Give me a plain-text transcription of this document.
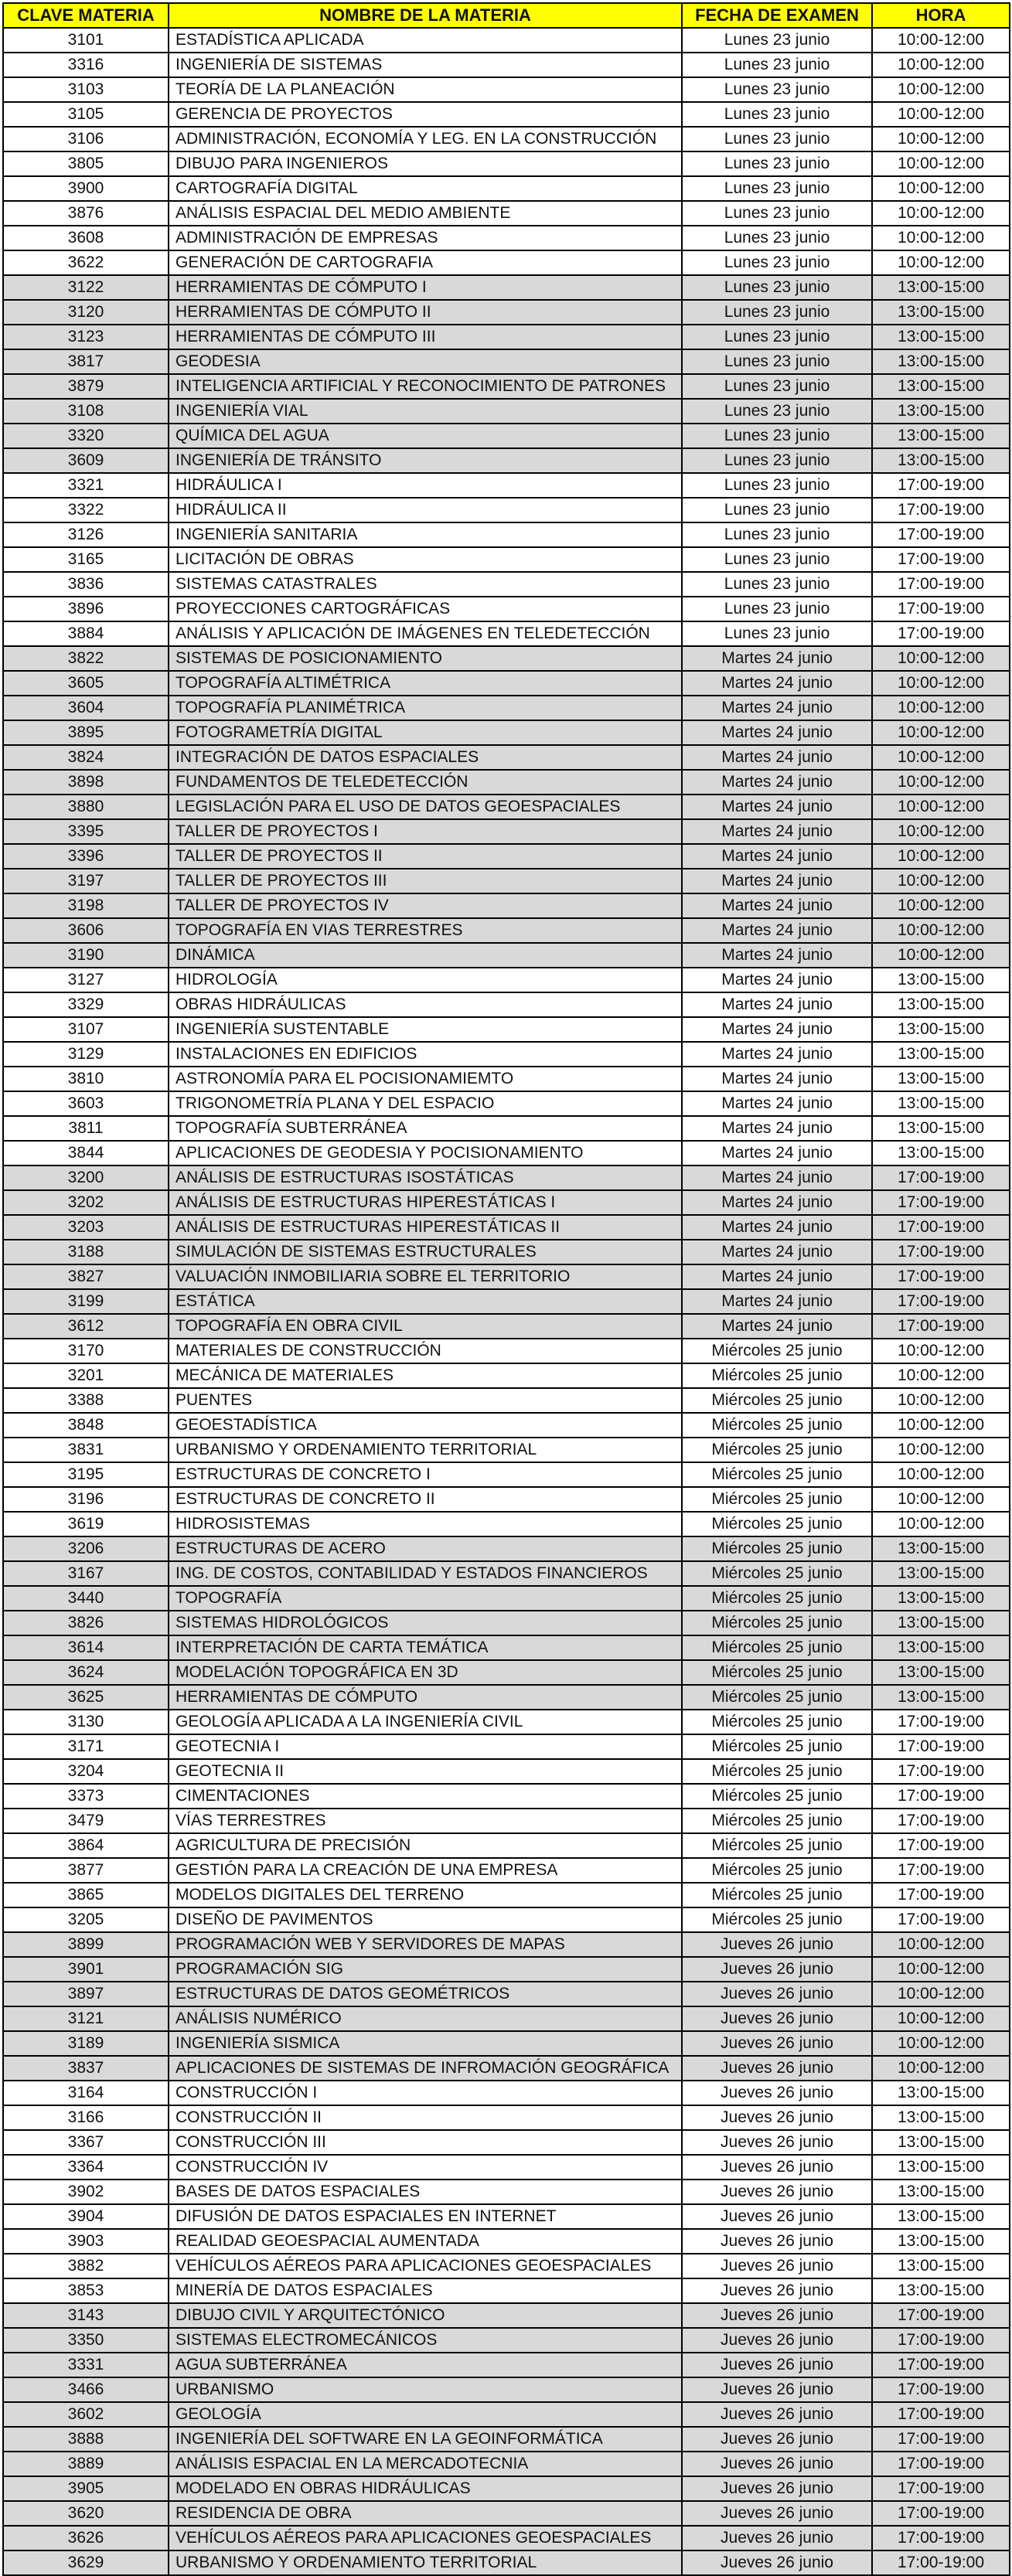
CLAVE MATERIA	NOMBRE DE LA MATERIA	FECHA DE EXAMEN	HORA
3101	ESTADÍSTICA APLICADA	Lunes 23 junio	10:00-12:00
3316	INGENIERÍA DE SISTEMAS	Lunes 23 junio	10:00-12:00
3103	TEORÍA DE LA PLANEACIÓN	Lunes 23 junio	10:00-12:00
3105	GERENCIA DE PROYECTOS	Lunes 23 junio	10:00-12:00
3106	ADMINISTRACIÓN, ECONOMÍA Y LEG. EN LA CONSTRUCCIÓN	Lunes 23 junio	10:00-12:00
3805	DIBUJO PARA INGENIEROS	Lunes 23 junio	10:00-12:00
3900	CARTOGRAFÍA DIGITAL	Lunes 23 junio	10:00-12:00
3876	ANÁLISIS ESPACIAL DEL MEDIO AMBIENTE	Lunes 23 junio	10:00-12:00
3608	ADMINISTRACIÓN DE EMPRESAS	Lunes 23 junio	10:00-12:00
3622	GENERACIÓN DE CARTOGRAFIA	Lunes 23 junio	10:00-12:00
3122	HERRAMIENTAS DE CÓMPUTO I	Lunes 23 junio	13:00-15:00
3120	HERRAMIENTAS DE CÓMPUTO II	Lunes 23 junio	13:00-15:00
3123	HERRAMIENTAS DE CÓMPUTO III	Lunes 23 junio	13:00-15:00
3817	GEODESIA	Lunes 23 junio	13:00-15:00
3879	INTELIGENCIA ARTIFICIAL Y RECONOCIMIENTO DE PATRONES	Lunes 23 junio	13:00-15:00
3108	INGENIERÍA VIAL	Lunes 23 junio	13:00-15:00
3320	QUÍMICA DEL AGUA	Lunes 23 junio	13:00-15:00
3609	INGENIERÍA DE TRÁNSITO	Lunes 23 junio	13:00-15:00
3321	HIDRÁULICA I	Lunes 23 junio	17:00-19:00
3322	HIDRÁULICA II	Lunes 23 junio	17:00-19:00
3126	INGENIERÍA SANITARIA	Lunes 23 junio	17:00-19:00
3165	LICITACIÓN DE OBRAS	Lunes 23 junio	17:00-19:00
3836	SISTEMAS CATASTRALES	Lunes 23 junio	17:00-19:00
3896	PROYECCIONES CARTOGRÁFICAS	Lunes 23 junio	17:00-19:00
3884	ANÁLISIS Y APLICACIÓN DE IMÁGENES EN TELEDETECCIÓN	Lunes 23 junio	17:00-19:00
3822	SISTEMAS DE POSICIONAMIENTO	Martes 24 junio	10:00-12:00
3605	TOPOGRAFÍA ALTIMÉTRICA	Martes 24 junio	10:00-12:00
3604	TOPOGRAFÍA PLANIMÉTRICA	Martes 24 junio	10:00-12:00
3895	FOTOGRAMETRÍA DIGITAL	Martes 24 junio	10:00-12:00
3824	INTEGRACIÓN DE DATOS ESPACIALES	Martes 24 junio	10:00-12:00
3898	FUNDAMENTOS DE TELEDETECCIÓN	Martes 24 junio	10:00-12:00
3880	LEGISLACIÓN PARA EL USO DE DATOS GEOESPACIALES	Martes 24 junio	10:00-12:00
3395	TALLER DE PROYECTOS I	Martes 24 junio	10:00-12:00
3396	TALLER DE PROYECTOS II	Martes 24 junio	10:00-12:00
3197	TALLER DE PROYECTOS III	Martes 24 junio	10:00-12:00
3198	TALLER DE PROYECTOS IV	Martes 24 junio	10:00-12:00
3606	TOPOGRAFÍA EN VIAS TERRESTRES	Martes 24 junio	10:00-12:00
3190	DINÁMICA	Martes 24 junio	10:00-12:00
3127	HIDROLOGÍA	Martes 24 junio	13:00-15:00
3329	OBRAS HIDRÁULICAS	Martes 24 junio	13:00-15:00
3107	INGENIERÍA SUSTENTABLE	Martes 24 junio	13:00-15:00
3129	INSTALACIONES EN EDIFICIOS	Martes 24 junio	13:00-15:00
3810	ASTRONOMÍA PARA EL POCISIONAMIEMTO	Martes 24 junio	13:00-15:00
3603	TRIGONOMETRÍA PLANA Y DEL ESPACIO	Martes 24 junio	13:00-15:00
3811	TOPOGRAFÍA SUBTERRÁNEA	Martes 24 junio	13:00-15:00
3844	APLICACIONES DE GEODESIA Y POCISIONAMIENTO	Martes 24 junio	13:00-15:00
3200	ANÁLISIS DE ESTRUCTURAS ISOSTÁTICAS	Martes 24 junio	17:00-19:00
3202	ANÁLISIS DE ESTRUCTURAS HIPERESTÁTICAS I	Martes 24 junio	17:00-19:00
3203	ANÁLISIS DE ESTRUCTURAS HIPERESTÁTICAS II	Martes 24 junio	17:00-19:00
3188	SIMULACIÓN DE SISTEMAS ESTRUCTURALES	Martes 24 junio	17:00-19:00
3827	VALUACIÓN INMOBILIARIA SOBRE EL TERRITORIO	Martes 24 junio	17:00-19:00
3199	ESTÁTICA	Martes 24 junio	17:00-19:00
3612	TOPOGRAFÍA EN OBRA CIVIL	Martes 24 junio	17:00-19:00
3170	MATERIALES DE CONSTRUCCIÓN	Miércoles 25 junio	10:00-12:00
3201	MECÁNICA DE MATERIALES	Miércoles 25 junio	10:00-12:00
3388	PUENTES	Miércoles 25 junio	10:00-12:00
3848	GEOESTADÍSTICA	Miércoles 25 junio	10:00-12:00
3831	URBANISMO Y ORDENAMIENTO TERRITORIAL	Miércoles 25 junio	10:00-12:00
3195	ESTRUCTURAS DE CONCRETO I	Miércoles 25 junio	10:00-12:00
3196	ESTRUCTURAS DE CONCRETO II	Miércoles 25 junio	10:00-12:00
3619	HIDROSISTEMAS	Miércoles 25 junio	10:00-12:00
3206	ESTRUCTURAS DE ACERO	Miércoles 25 junio	13:00-15:00
3167	ING. DE COSTOS, CONTABILIDAD Y ESTADOS FINANCIEROS	Miércoles 25 junio	13:00-15:00
3440	TOPOGRAFÍA	Miércoles 25 junio	13:00-15:00
3826	SISTEMAS HIDROLÓGICOS	Miércoles 25 junio	13:00-15:00
3614	INTERPRETACIÓN DE CARTA TEMÁTICA	Miércoles 25 junio	13:00-15:00
3624	MODELACIÓN TOPOGRÁFICA EN 3D	Miércoles 25 junio	13:00-15:00
3625	HERRAMIENTAS DE CÓMPUTO	Miércoles 25 junio	13:00-15:00
3130	GEOLOGÍA APLICADA A LA INGENIERÍA CIVIL	Miércoles 25 junio	17:00-19:00
3171	GEOTECNIA I	Miércoles 25 junio	17:00-19:00
3204	GEOTECNIA II	Miércoles 25 junio	17:00-19:00
3373	CIMENTACIONES	Miércoles 25 junio	17:00-19:00
3479	VÍAS TERRESTRES	Miércoles 25 junio	17:00-19:00
3864	AGRICULTURA DE PRECISIÓN	Miércoles 25 junio	17:00-19:00
3877	GESTIÓN PARA LA CREACIÓN DE UNA EMPRESA	Miércoles 25 junio	17:00-19:00
3865	MODELOS DIGITALES DEL TERRENO	Miércoles 25 junio	17:00-19:00
3205	DISEÑO DE PAVIMENTOS	Miércoles 25 junio	17:00-19:00
3899	PROGRAMACIÓN WEB Y SERVIDORES DE MAPAS	Jueves 26 junio	10:00-12:00
3901	PROGRAMACIÓN SIG	Jueves 26 junio	10:00-12:00
3897	ESTRUCTURAS DE DATOS GEOMÉTRICOS	Jueves 26 junio	10:00-12:00
3121	ANÁLISIS NUMÉRICO	Jueves 26 junio	10:00-12:00
3189	INGENIERÍA SISMICA	Jueves 26 junio	10:00-12:00
3837	APLICACIONES DE SISTEMAS DE INFROMACIÓN GEOGRÁFICA	Jueves 26 junio	10:00-12:00
3164	CONSTRUCCIÓN I	Jueves 26 junio	13:00-15:00
3166	CONSTRUCCIÓN II	Jueves 26 junio	13:00-15:00
3367	CONSTRUCCIÓN III	Jueves 26 junio	13:00-15:00
3364	CONSTRUCCIÓN IV	Jueves 26 junio	13:00-15:00
3902	BASES DE DATOS ESPACIALES	Jueves 26 junio	13:00-15:00
3904	DIFUSIÓN DE DATOS ESPACIALES EN INTERNET	Jueves 26 junio	13:00-15:00
3903	REALIDAD GEOESPACIAL AUMENTADA	Jueves 26 junio	13:00-15:00
3882	VEHÍCULOS AÉREOS PARA APLICACIONES GEOESPACIALES	Jueves 26 junio	13:00-15:00
3853	MINERÍA DE DATOS ESPACIALES	Jueves 26 junio	13:00-15:00
3143	DIBUJO CIVIL Y ARQUITECTÓNICO	Jueves 26 junio	17:00-19:00
3350	SISTEMAS ELECTROMECÁNICOS	Jueves 26 junio	17:00-19:00
3331	AGUA SUBTERRÁNEA	Jueves 26 junio	17:00-19:00
3466	URBANISMO	Jueves 26 junio	17:00-19:00
3602	GEOLOGÍA	Jueves 26 junio	17:00-19:00
3888	INGENIERÍA DEL SOFTWARE EN LA GEOINFORMÁTICA	Jueves 26 junio	17:00-19:00
3889	ANÁLISIS ESPACIAL EN LA MERCADOTECNIA	Jueves 26 junio	17:00-19:00
3905	MODELADO EN OBRAS HIDRÁULICAS	Jueves 26 junio	17:00-19:00
3620	RESIDENCIA DE OBRA	Jueves 26 junio	17:00-19:00
3626	VEHÍCULOS AÉREOS PARA APLICACIONES GEOESPACIALES	Jueves 26 junio	17:00-19:00
3629	URBANISMO Y ORDENAMIENTO TERRITORIAL	Jueves 26 junio	17:00-19:00
